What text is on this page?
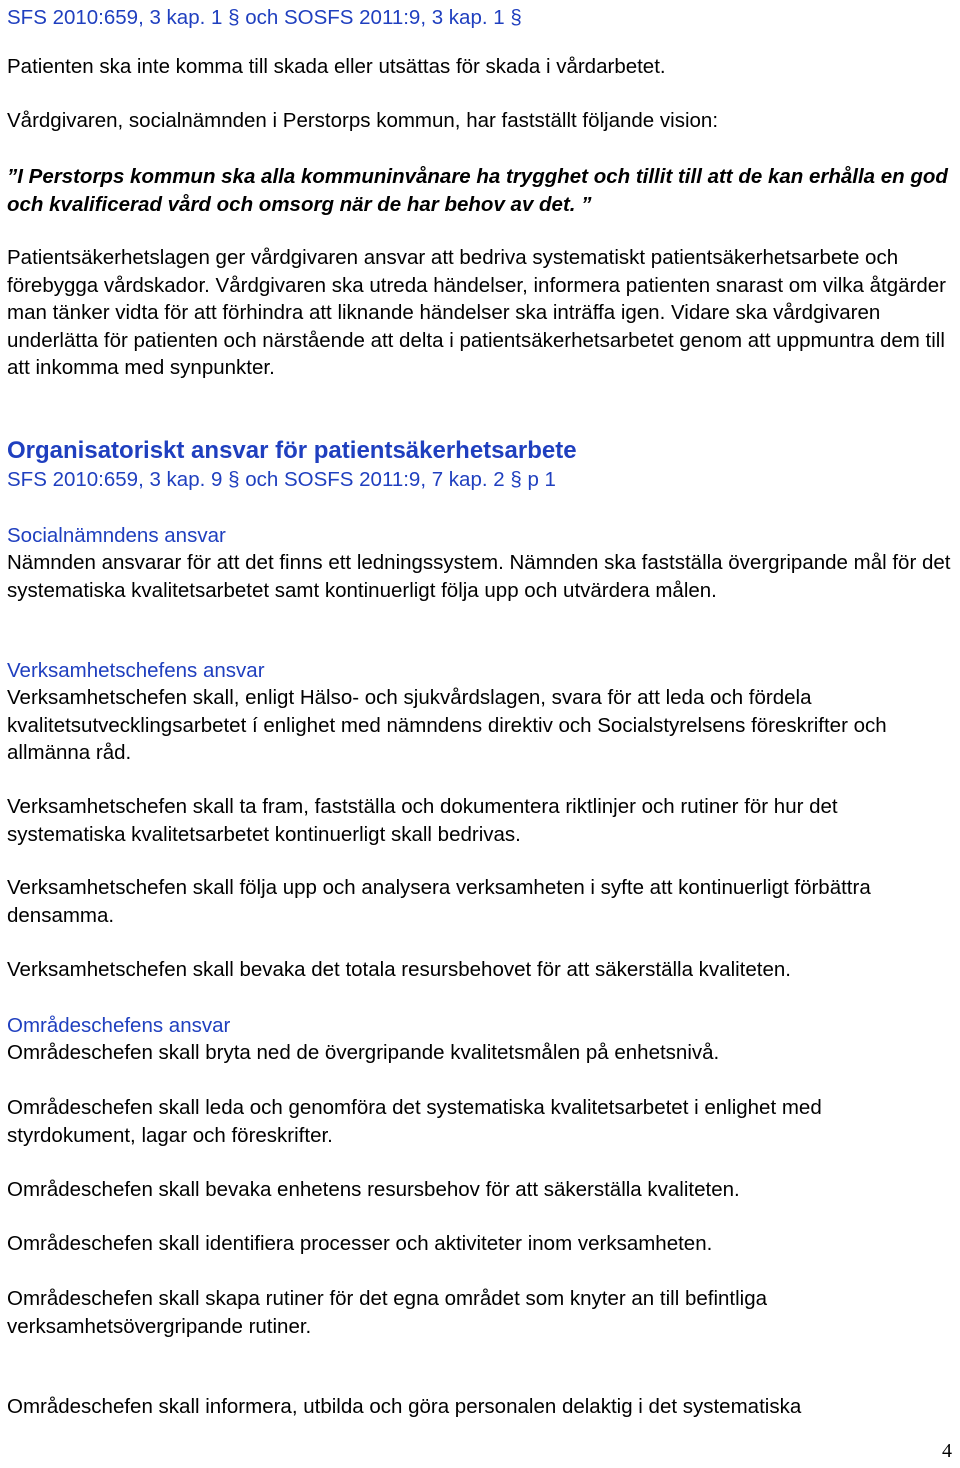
SFS 2010:659, 3 kap. 1 § och SOSFS 2011:9, 3 kap. 1 §
Patienten ska inte komma till skada eller utsättas för skada i vårdarbetet.
Vårdgivaren, socialnämnden i Perstorps kommun, har fastställt följande vision:
”I Perstorps kommun ska alla kommuninvånare ha trygghet och tillit till att de kan erhålla en god och kvalificerad vård och omsorg när de har behov av det. ”
Patientsäkerhetslagen ger vårdgivaren ansvar att bedriva systematiskt patientsäkerhetsarbete och förebygga vårdskador. Vårdgivaren ska utreda händelser, informera patienten snarast om vilka åtgärder man tänker vidta för att förhindra att liknande händelser ska inträffa igen. Vidare ska vårdgivaren underlätta för patienten och närstående att delta i patientsäkerhetsarbetet genom att uppmuntra dem till att inkomma med synpunkter.
Organisatoriskt ansvar för patientsäkerhetsarbete
SFS 2010:659, 3 kap. 9 § och SOSFS 2011:9, 7 kap. 2 § p 1
Socialnämndens ansvar
Nämnden ansvarar för att det finns ett ledningssystem. Nämnden ska fastställa övergripande mål för det systematiska kvalitetsarbetet samt kontinuerligt följa upp och utvärdera målen.
Verksamhetschefens ansvar
Verksamhetschefen skall, enligt Hälso- och sjukvårdslagen, svara för att leda och fördela kvalitetsutvecklingsarbetet í enlighet med nämndens direktiv och Socialstyrelsens föreskrifter och allmänna råd.
Verksamhetschefen skall ta fram, fastställa och dokumentera riktlinjer och rutiner för hur det systematiska kvalitetsarbetet kontinuerligt skall bedrivas.
Verksamhetschefen skall följa upp och analysera verksamheten i syfte att kontinuerligt förbättra densamma.
Verksamhetschefen skall bevaka det totala resursbehovet för att säkerställa kvaliteten.
Områdeschefens ansvar
Områdeschefen skall bryta ned de övergripande kvalitetsmålen på enhetsnivå.
Områdeschefen skall leda och genomföra det systematiska kvalitetsarbetet i enlighet med styrdokument, lagar och föreskrifter.
Områdeschefen skall bevaka enhetens resursbehov för att säkerställa kvaliteten.
Områdeschefen skall identifiera processer och aktiviteter inom verksamheten.
Områdeschefen skall skapa rutiner för det egna området som knyter an till befintliga verksamhetsövergripande rutiner.
Områdeschefen skall informera, utbilda och göra personalen delaktig i det systematiska
4
